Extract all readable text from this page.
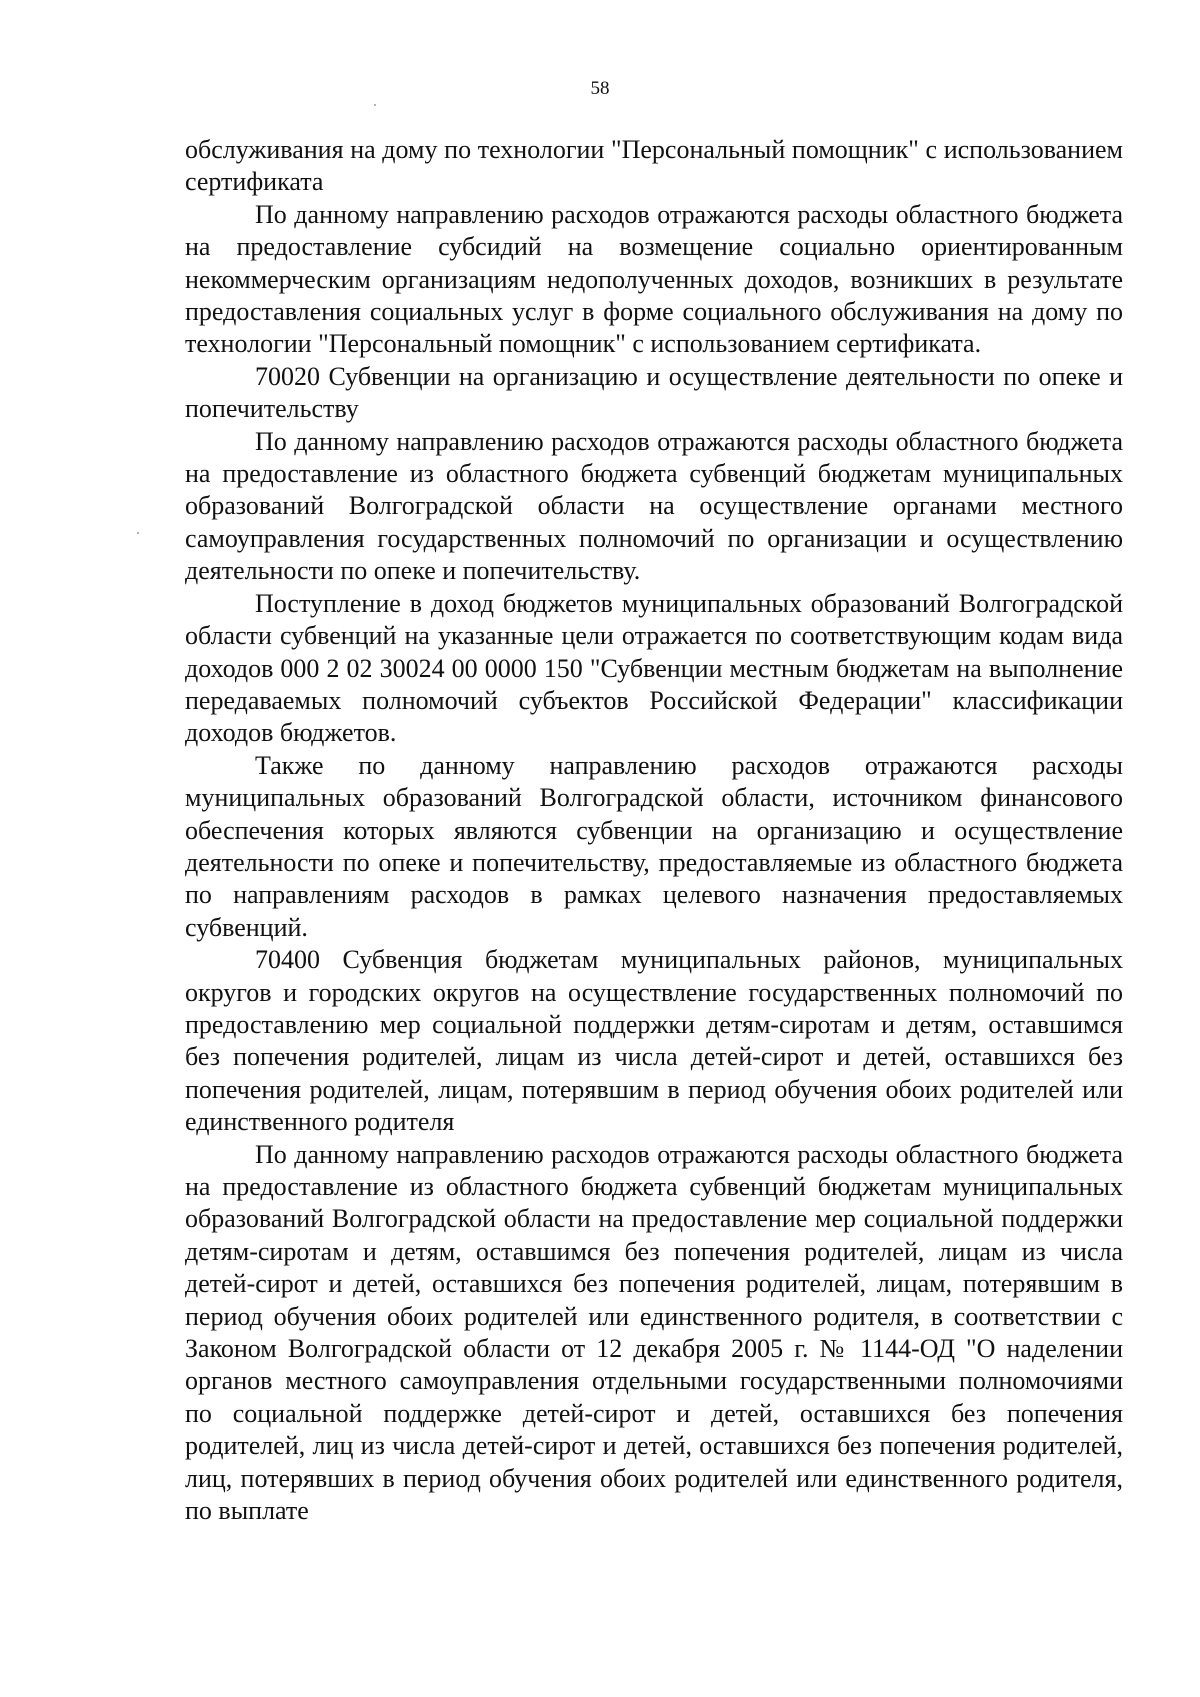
58

обслуживания на дому по технологии "Персональный помощник" с использованием сертификата

По данному направлению расходов отражаются расходы областного бюджета на предоставление субсидий на возмещение социально ориентированным некоммерческим организациям недополученных доходов, возникших в результате предоставления социальных услуг в форме социального обслуживания на дому по технологии "Персональный помощник" с использованием сертификата.

70020 Субвенции на организацию и осуществление деятельности по опеке и попечительству

По данному направлению расходов отражаются расходы областного бюджета на предоставление из областного бюджета субвенций бюджетам муниципальных образований Волгоградской области на осуществление органами местного самоуправления государственных полномочий по организации и осуществлению деятельности по опеке и попечительству.

Поступление в доход бюджетов муниципальных образований Волгоградской области субвенций на указанные цели отражается по соответствующим кодам вида доходов 000 2 02 30024 00 0000 150 "Субвенции местным бюджетам на выполнение передаваемых полномочий субъектов Российской Федерации" классификации доходов бюджетов.

Также по данному направлению расходов отражаются расходы муниципальных образований Волгоградской области, источником финансового обеспечения которых являются субвенции на организацию и осуществление деятельности по опеке и попечительству, предоставляемые из областного бюджета по направлениям расходов в рамках целевого назначения предоставляемых субвенций.

70400 Субвенция бюджетам муниципальных районов, муниципальных округов и городских округов на осуществление государственных полномочий по предоставлению мер социальной поддержки детям-сиротам и детям, оставшимся без попечения родителей, лицам из числа детей-сирот и детей, оставшихся без попечения родителей, лицам, потерявшим в период обучения обоих родителей или единственного родителя

По данному направлению расходов отражаются расходы областного бюджета на предоставление из областного бюджета субвенций бюджетам муниципальных образований Волгоградской области на предоставление мер социальной поддержки детям-сиротам и детям, оставшимся без попечения родителей, лицам из числа детей-сирот и детей, оставшихся без попечения родителей, лицам, потерявшим в период обучения обоих родителей или единственного родителя, в соответствии с Законом Волгоградской области от 12 декабря 2005 г. № 1144-ОД "О наделении органов местного самоуправления отдельными государственными полномочиями по социальной поддержке детей-сирот и детей, оставшихся без попечения родителей, лиц из числа детей-сирот и детей, оставшихся без попечения родителей, лиц, потерявших в период обучения обоих родителей или единственного родителя, по выплате
